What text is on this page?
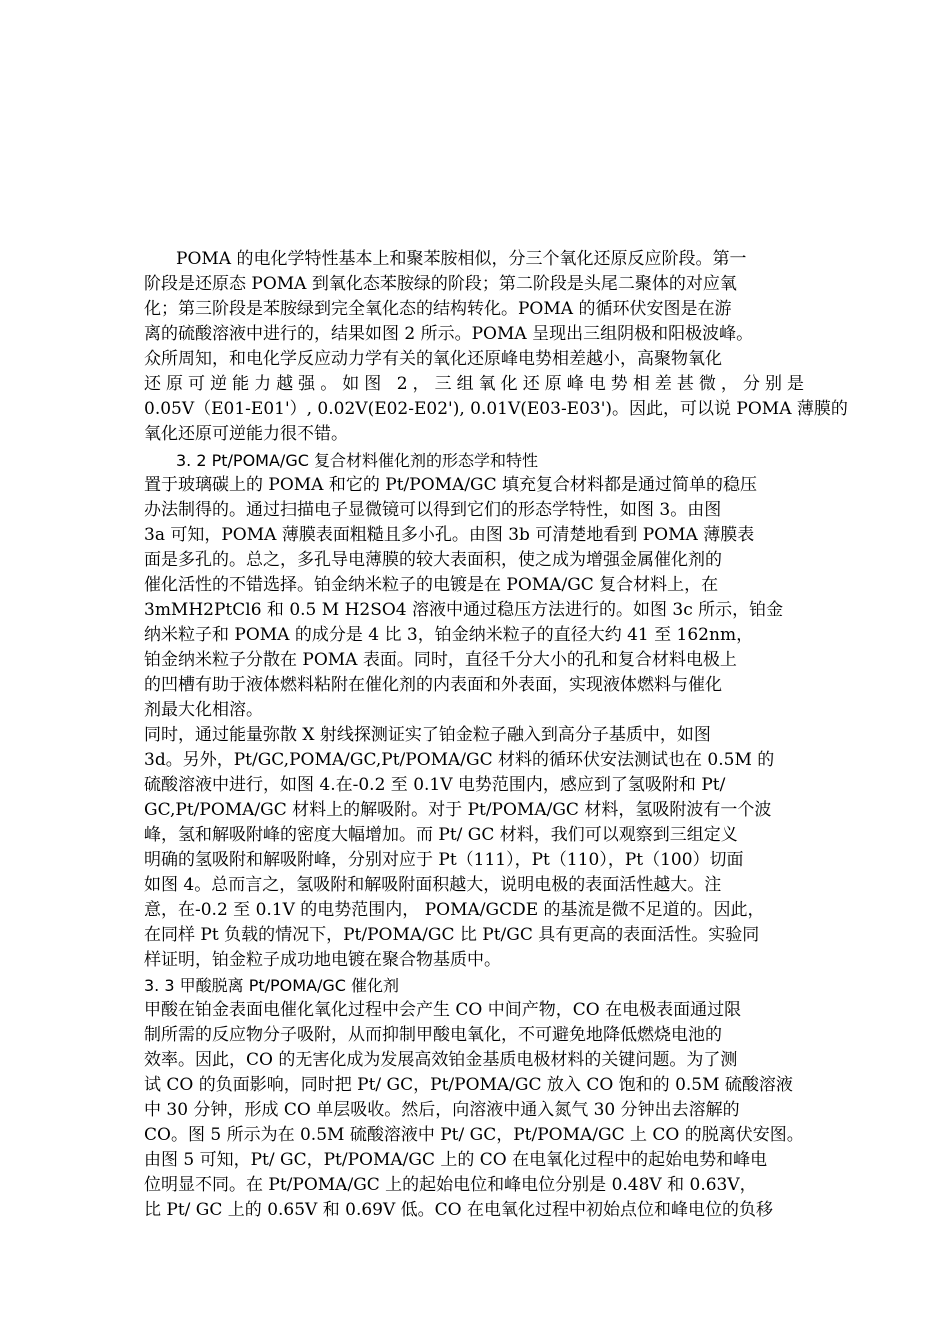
POMA 的电化学特性基本上和聚苯胺相似，分三个氧化还原反应阶段。第一
阶段是还原态 POMA 到氧化态苯胺绿的阶段；第二阶段是头尾二聚体的对应氧
化；第三阶段是苯胺绿到完全氧化态的结构转化。POMA 的循环伏安图是在游
离的硫酸溶液中进行的，结果如图 2 所示。POMA 呈现出三组阴极和阳极波峰。
众所周知，和电化学反应动力学有关的氧化还原峰电势相差越小，高聚物氧化
还原可逆能力越强。如图 2，三组氧化还原峰电势相差甚微，分别是
0.05V（E01-E01'）, 0.02V(E02-E02'), 0.01V(E03-E03')。因此，可以说 POMA 薄膜的
氧化还原可逆能力很不错。
3. 2 Pt/POMA/GC 复合材料催化剂的形态学和特性
置于玻璃碳上的 POMA 和它的 Pt/POMA/GC 填充复合材料都是通过简单的稳压
办法制得的。通过扫描电子显微镜可以得到它们的形态学特性，如图 3。由图
3a 可知，POMA 薄膜表面粗糙且多小孔。由图 3b 可清楚地看到 POMA 薄膜表
面是多孔的。总之，多孔导电薄膜的较大表面积，使之成为增强金属催化剂的
催化活性的不错选择。铂金纳米粒子的电镀是在 POMA/GC 复合材料上，在
3mMH2PtCl6 和 0.5 M H2SO4 溶液中通过稳压方法进行的。如图 3c 所示，铂金
纳米粒子和 POMA 的成分是 4 比 3，铂金纳米粒子的直径大约 41 至 162nm，
铂金纳米粒子分散在 POMA 表面。同时，直径千分大小的孔和复合材料电极上
的凹槽有助于液体燃料粘附在催化剂的内表面和外表面，实现液体燃料与催化
剂最大化相溶。
同时，通过能量弥散 X 射线探测证实了铂金粒子融入到高分子基质中，如图
3d。另外，Pt/GC,POMA/GC,Pt/POMA/GC 材料的循环伏安法测试也在 0.5M 的
硫酸溶液中进行，如图 4.在-0.2 至 0.1V 电势范围内，感应到了氢吸附和 Pt/
GC,Pt/POMA/GC 材料上的解吸附。对于 Pt/POMA/GC 材料，氢吸附波有一个波
峰，氢和解吸附峰的密度大幅增加。而 Pt/ GC 材料，我们可以观察到三组定义
明确的氢吸附和解吸附峰，分别对应于 Pt（111），Pt（110），Pt（100）切面
如图 4。总而言之，氢吸附和解吸附面积越大，说明电极的表面活性越大。注
意，在-0.2 至 0.1V 的电势范围内， POMA/GCDE 的基流是微不足道的。因此，
在同样 Pt 负载的情况下，Pt/POMA/GC 比 Pt/GC 具有更高的表面活性。实验同
样证明，铂金粒子成功地电镀在聚合物基质中。
3. 3 甲酸脱离 Pt/POMA/GC 催化剂
甲酸在铂金表面电催化氧化过程中会产生 CO 中间产物，CO 在电极表面通过限
制所需的反应物分子吸附，从而抑制甲酸电氧化，不可避免地降低燃烧电池的
效率。因此，CO 的无害化成为发展高效铂金基质电极材料的关键问题。为了测
试 CO 的负面影响，同时把 Pt/ GC，Pt/POMA/GC 放入 CO 饱和的 0.5M 硫酸溶液
中 30 分钟，形成 CO 单层吸收。然后，向溶液中通入氮气 30 分钟出去溶解的
CO。图 5 所示为在 0.5M 硫酸溶液中 Pt/ GC，Pt/POMA/GC 上 CO 的脱离伏安图。
由图 5 可知，Pt/ GC，Pt/POMA/GC 上的 CO 在电氧化过程中的起始电势和峰电
位明显不同。在 Pt/POMA/GC 上的起始电位和峰电位分别是 0.48V 和 0.63V，
比 Pt/ GC 上的 0.65V 和 0.69V 低。CO 在电氧化过程中初始点位和峰电位的负移
